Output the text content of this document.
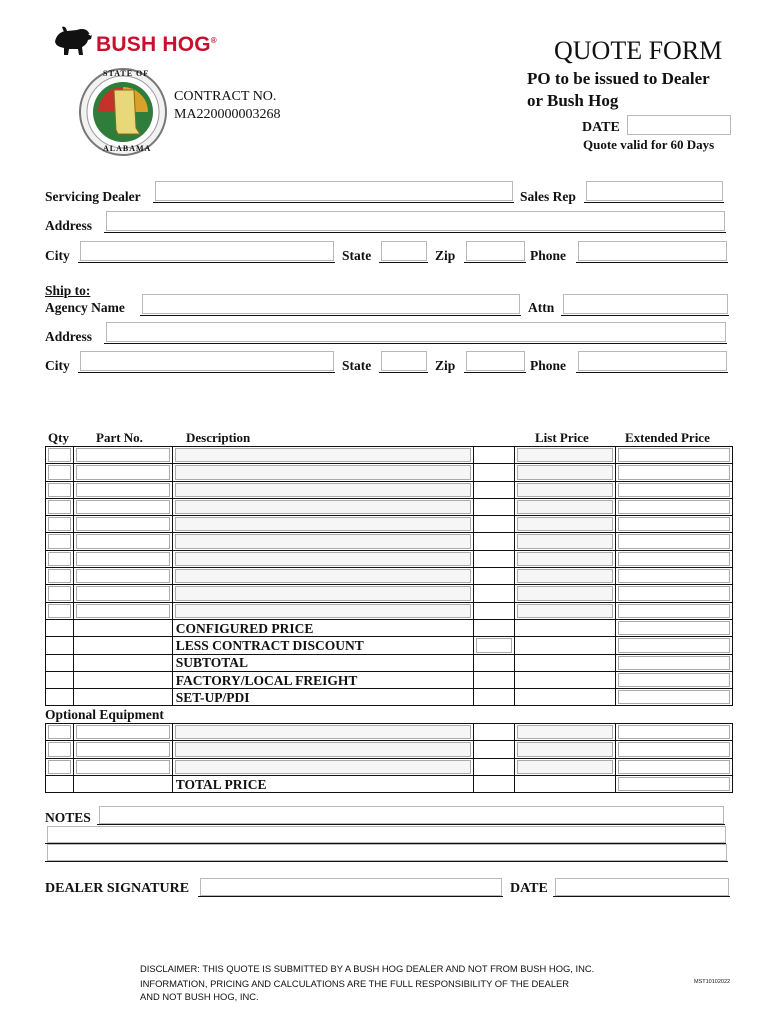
BUSH HOG®
STATE OF
ALABAMA
CONTRACT NO.
MA220000003268
QUOTE FORM
PO to be issued to Dealer
or Bush Hog
DATE
Quote valid for 60 Days
Servicing Dealer	Sales Rep
Address
City	State	Zip	Phone
Ship to:
Agency Name	Attn
Address
City	State	Zip	Phone
Qty Part No.	Description	List Price	Extended Price

		CONFIGURED PRICE			
		LESS CONTRACT DISCOUNT			
		SUBTOTAL			
		FACTORY/LOCAL FREIGHT			
		SET-UP/PDI			
Optional Equipment

		TOTAL PRICE			
NOTES
DEALER SIGNATURE	DATE
DISCLAIMER: THIS QUOTE IS SUBMITTED BY A BUSH HOG DEALER AND NOT FROM BUSH HOG, INC.
INFORMATION, PRICING AND CALCULATIONS ARE THE FULL RESPONSIBILITY OF THE DEALER
AND NOT BUSH HOG, INC.
MST10102022
